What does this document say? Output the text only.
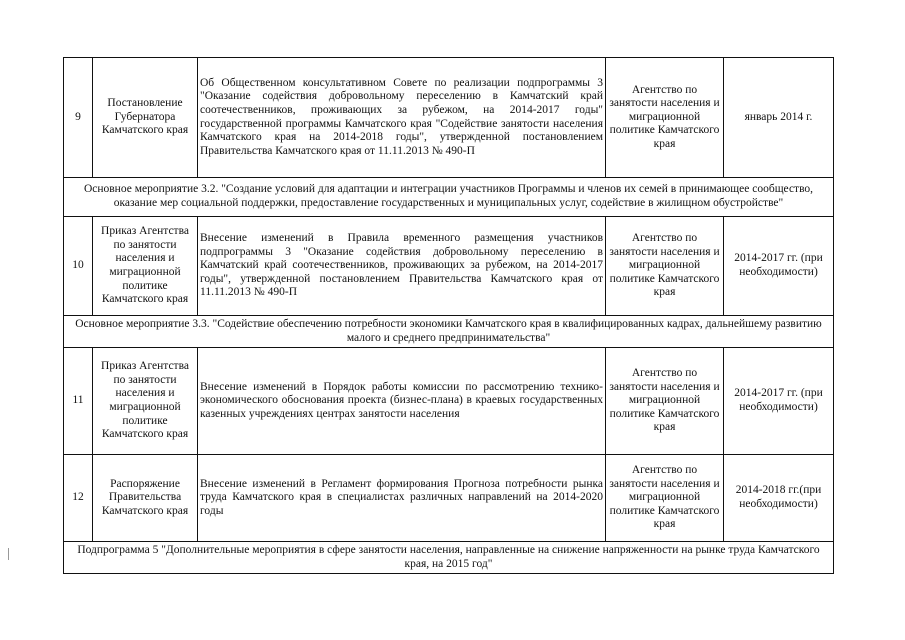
9	Постановление Губернатора Камчатского края	Об Общественном консультативном Совете по реализации подпрограммы 3 "Оказание содействия добровольному переселению в Камчатский край соотечественников, проживающих за рубежом, на 2014-2017 годы" государственной программы Камчатского края "Содействие занятости населения Камчатского края на 2014-2018 годы", утвержденной постановлением Правительства Камчатского края от 11.11.2013 № 490-П	Агентство по занятости населения и миграционной политике Камчатского края	январь 2014 г.
Основное мероприятие 3.2. "Создание условий для адаптации и интеграции участников Программы и членов их семей в принимающее сообщество, оказание мер социальной поддержки, предоставление государственных и муниципальных услуг, содействие в жилищном обустройстве"				
10	Приказ Агентства по занятости населения и миграционной политике Камчатского края	Внесение изменений в Правила временного размещения участников подпрограммы 3 "Оказание содействия добровольному переселению в Камчатский край соотечественников, проживающих за рубежом, на 2014-2017 годы", утвержденной постановлением Правительства Камчатского края от 11.11.2013 № 490-П	Агентство по занятости населения и миграционной политике Камчатского края	2014-2017 гг. (при необходимости)
Основное мероприятие 3.3. "Содействие обеспечению потребности экономики Камчатского края в квалифицированных кадрах, дальнейшему развитию малого и среднего предпринимательства"				
11	Приказ Агентства по занятости населения и миграционной политике Камчатского края	Внесение изменений в Порядок работы комиссии по рассмотрению технико-экономического обоснования проекта (бизнес-плана) в краевых государственных казенных учреждениях центрах занятости населения	Агентство по занятости населения и миграционной политике Камчатского края	2014-2017 гг. (при необходимости)
12	Распоряжение Правительства Камчатского края	Внесение изменений в Регламент формирования Прогноза потребности рынка труда Камчатского края в специалистах различных направлений на 2014-2020 годы	Агентство по занятости населения и миграционной политике Камчатского края	2014-2018 гг.(при необходимости)
Подпрограмма 5 "Дополнительные мероприятия в сфере занятости населения, направленные на снижение напряженности на рынке труда Камчатского края, на 2015 год"				
